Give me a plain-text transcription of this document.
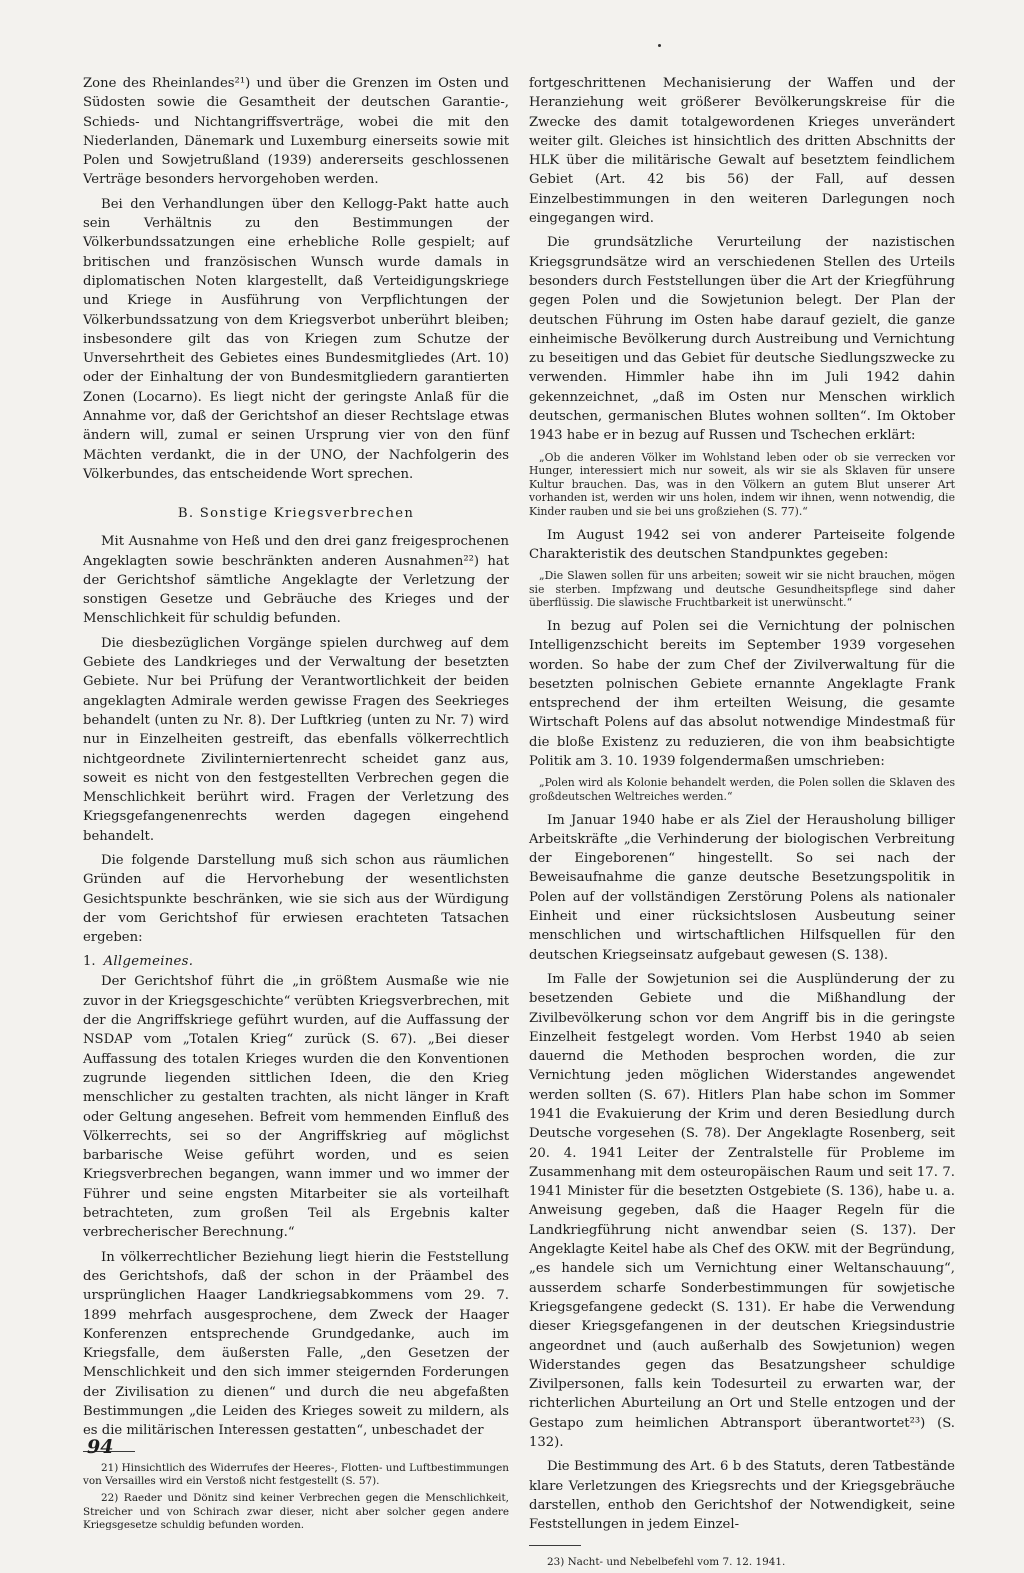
Zone des Rheinlandes²¹) und über die Grenzen im Osten und Südosten sowie die Gesamtheit der deutschen Garantie-, Schieds- und Nichtangriffsverträge, wobei die mit den Niederlanden, Dänemark und Luxemburg einerseits sowie mit Polen und Sowjetrußland (1939) andererseits geschlossenen Verträge besonders hervorgehoben werden.

Bei den Verhandlungen über den Kellogg-Pakt hatte auch sein Verhältnis zu den Bestimmungen der Völkerbundssatzungen eine erhebliche Rolle gespielt; auf britischen und französischen Wunsch wurde damals in diplomatischen Noten klargestellt, daß Verteidigungskriege und Kriege in Ausführung von Verpflichtungen der Völkerbundssatzung von dem Kriegsverbot unberührt bleiben; insbesondere gilt das von Kriegen zum Schutze der Unversehrtheit des Gebietes eines Bundesmitgliedes (Art. 10) oder der Einhaltung der von Bundesmitgliedern garantierten Zonen (Locarno). Es liegt nicht der geringste Anlaß für die Annahme vor, daß der Gerichtshof an dieser Rechtslage etwas ändern will, zumal er seinen Ursprung vier von den fünf Mächten verdankt, die in der UNO, der Nachfolgerin des Völkerbundes, das entscheidende Wort sprechen.

B. Sonstige Kriegsverbrechen

Mit Ausnahme von Heß und den drei ganz freigesprochenen Angeklagten sowie beschränkten anderen Ausnahmen²²) hat der Gerichtshof sämtliche Angeklagte der Verletzung der sonstigen Gesetze und Gebräuche des Krieges und der Menschlichkeit für schuldig befunden.

Die diesbezüglichen Vorgänge spielen durchweg auf dem Gebiete des Landkrieges und der Verwaltung der besetzten Gebiete. Nur bei Prüfung der Verantwortlichkeit der beiden angeklagten Admirale werden gewisse Fragen des Seekrieges behandelt (unten zu Nr. 8). Der Luftkrieg (unten zu Nr. 7) wird nur in Einzelheiten gestreift, das ebenfalls völkerrechtlich nichtgeordnete Zivilinterniertenrecht scheidet ganz aus, soweit es nicht von den festgestellten Verbrechen gegen die Menschlichkeit berührt wird. Fragen der Verletzung des Kriegsgefangenenrechts werden dagegen eingehend behandelt.

Die folgende Darstellung muß sich schon aus räumlichen Gründen auf die Hervorhebung der wesentlichsten Gesichtspunkte beschränken, wie sie sich aus der Würdigung der vom Gerichtshof für erwiesen erachteten Tatsachen ergeben:

1. Allgemeines.

Der Gerichtshof führt die „in größtem Ausmaße wie nie zuvor in der Kriegsgeschichte“ verübten Kriegsverbrechen, mit der die Angriffskriege geführt wurden, auf die Auffassung der NSDAP vom „Totalen Krieg“ zurück (S. 67). „Bei dieser Auffassung des totalen Krieges wurden die den Konventionen zugrunde liegenden sittlichen Ideen, die den Krieg menschlicher zu gestalten trachten, als nicht länger in Kraft oder Geltung angesehen. Befreit vom hemmenden Einfluß des Völkerrechts, sei so der Angriffskrieg auf möglichst barbarische Weise geführt worden, und es seien Kriegsverbrechen begangen, wann immer und wo immer der Führer und seine engsten Mitarbeiter sie als vorteilhaft betrachteten, zum großen Teil als Ergebnis kalter verbrecherischer Berechnung.“

In völkerrechtlicher Beziehung liegt hierin die Feststellung des Gerichtshofs, daß der schon in der Präambel des ursprünglichen Haager Landkriegsabkommens vom 29. 7. 1899 mehrfach ausgesprochene, dem Zweck der Haager Konferenzen entsprechende Grundgedanke, auch im Kriegsfalle, dem äußersten Falle, „den Gesetzen der Menschlichkeit und den sich immer steigernden Forderungen der Zivilisation zu dienen“ und durch die neu abgefaßten Bestimmungen „die Leiden des Krieges soweit zu mildern, als es die militärischen Interessen gestatten“, unbeschadet der

21) Hinsichtlich des Widerrufes der Heeres-, Flotten- und Luftbestimmungen von Versailles wird ein Verstoß nicht festgestellt (S. 57).

22) Raeder und Dönitz sind keiner Verbrechen gegen die Menschlichkeit, Streicher und von Schirach zwar dieser, nicht aber solcher gegen andere Kriegsgesetze schuldig befunden worden.

fortgeschrittenen Mechanisierung der Waffen und der Heranziehung weit größerer Bevölkerungskreise für die Zwecke des damit totalgewordenen Krieges unverändert weiter gilt. Gleiches ist hinsichtlich des dritten Abschnitts der HLK über die militärische Gewalt auf besetztem feindlichem Gebiet (Art. 42 bis 56) der Fall, auf dessen Einzelbestimmungen in den weiteren Darlegungen noch eingegangen wird.

Die grundsätzliche Verurteilung der nazistischen Kriegsgrundsätze wird an verschiedenen Stellen des Urteils besonders durch Feststellungen über die Art der Kriegführung gegen Polen und die Sowjetunion belegt. Der Plan der deutschen Führung im Osten habe darauf gezielt, die ganze einheimische Bevölkerung durch Austreibung und Vernichtung zu beseitigen und das Gebiet für deutsche Siedlungszwecke zu verwenden. Himmler habe ihn im Juli 1942 dahin gekennzeichnet, „daß im Osten nur Menschen wirklich deutschen, germanischen Blutes wohnen sollten“. Im Oktober 1943 habe er in bezug auf Russen und Tschechen erklärt:

„Ob die anderen Völker im Wohlstand leben oder ob sie verrecken vor Hunger, interessiert mich nur soweit, als wir sie als Sklaven für unsere Kultur brauchen. Das, was in den Völkern an gutem Blut unserer Art vorhanden ist, werden wir uns holen, indem wir ihnen, wenn notwendig, die Kinder rauben und sie bei uns großziehen (S. 77).“

Im August 1942 sei von anderer Parteiseite folgende Charakteristik des deutschen Standpunktes gegeben:

„Die Slawen sollen für uns arbeiten; soweit wir sie nicht brauchen, mögen sie sterben. Impfzwang und deutsche Gesundheitspflege sind daher überflüssig. Die slawische Fruchtbarkeit ist unerwünscht.“

In bezug auf Polen sei die Vernichtung der polnischen Intelligenzschicht bereits im September 1939 vorgesehen worden. So habe der zum Chef der Zivilverwaltung für die besetzten polnischen Gebiete ernannte Angeklagte Frank entsprechend der ihm erteilten Weisung, die gesamte Wirtschaft Polens auf das absolut notwendige Mindestmaß für die bloße Existenz zu reduzieren, die von ihm beabsichtigte Politik am 3. 10. 1939 folgendermaßen umschrieben:

„Polen wird als Kolonie behandelt werden, die Polen sollen die Sklaven des großdeutschen Weltreiches werden.“

Im Januar 1940 habe er als Ziel der Herausholung billiger Arbeitskräfte „die Verhinderung der biologischen Verbreitung der Eingeborenen“ hingestellt. So sei nach der Beweisaufnahme die ganze deutsche Besetzungspolitik in Polen auf der vollständigen Zerstörung Polens als nationaler Einheit und einer rücksichtslosen Ausbeutung seiner menschlichen und wirtschaftlichen Hilfsquellen für den deutschen Kriegseinsatz aufgebaut gewesen (S. 138).

Im Falle der Sowjetunion sei die Ausplünderung der zu besetzenden Gebiete und die Mißhandlung der Zivilbevölkerung schon vor dem Angriff bis in die geringste Einzelheit festgelegt worden. Vom Herbst 1940 ab seien dauernd die Methoden besprochen worden, die zur Vernichtung jeden möglichen Widerstandes angewendet werden sollten (S. 67). Hitlers Plan habe schon im Sommer 1941 die Evakuierung der Krim und deren Besiedlung durch Deutsche vorgesehen (S. 78). Der Angeklagte Rosenberg, seit 20. 4. 1941 Leiter der Zentralstelle für Probleme im Zusammenhang mit dem osteuropäischen Raum und seit 17. 7. 1941 Minister für die besetzten Ostgebiete (S. 136), habe u. a. Anweisung gegeben, daß die Haager Regeln für die Landkriegführung nicht anwendbar seien (S. 137). Der Angeklagte Keitel habe als Chef des OKW. mit der Begründung, „es handele sich um Vernichtung einer Weltanschauung“, ausserdem scharfe Sonderbestimmungen für sowjetische Kriegsgefangene gedeckt (S. 131). Er habe die Verwendung dieser Kriegsgefangenen in der deutschen Kriegsindustrie angeordnet und (auch außerhalb des Sowjetunion) wegen Widerstandes gegen das Besatzungsheer schuldige Zivilpersonen, falls kein Todesurteil zu erwarten war, der richterlichen Aburteilung an Ort und Stelle entzogen und der Gestapo zum heimlichen Abtransport überantwortet²³) (S. 132).

Die Bestimmung des Art. 6 b des Statuts, deren Tatbestände klare Verletzungen des Kriegsrechts und der Kriegsgebräuche darstellen, enthob den Gerichtshof der Notwendigkeit, seine Feststellungen in jedem Einzel-

23) Nacht- und Nebelbefehl vom 7. 12. 1941.

94
